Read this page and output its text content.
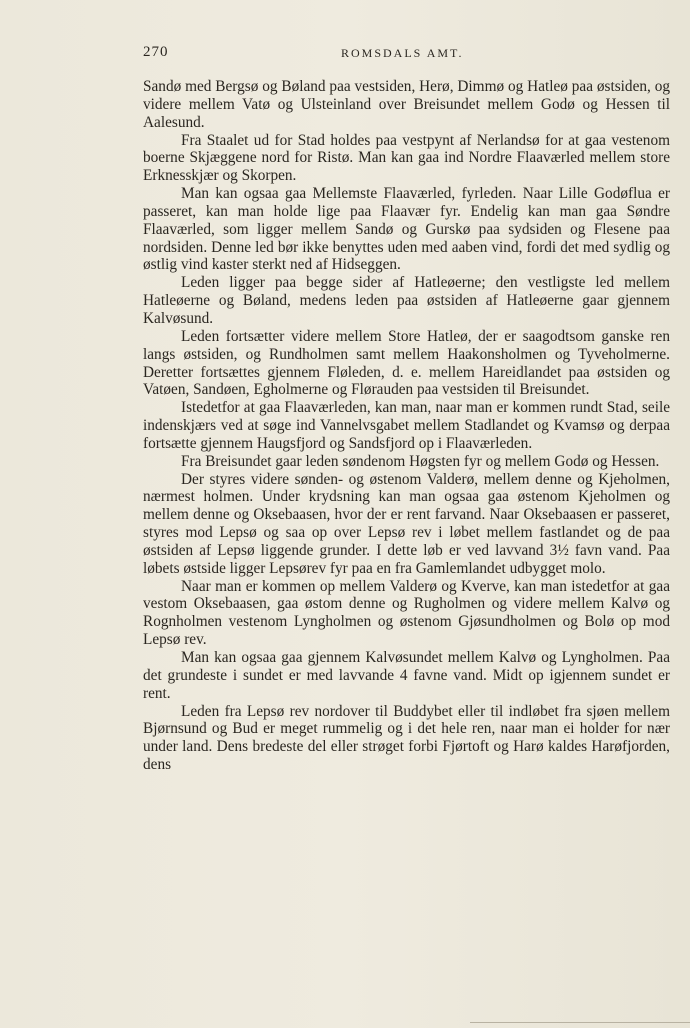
270	ROMSDALS AMT.

Sandø med Bergsø og Bøland paa vestsiden, Herø, Dimmø og Hatleø paa østsiden, og videre mellem Vatø og Ulsteinland over Breisundet mellem Godø og Hessen til Aalesund.

Fra Staalet ud for Stad holdes paa vestpynt af Nerlandsø for at gaa vestenom boerne Skjæggene nord for Ristø. Man kan gaa ind Nordre Flaaværled mellem store Erknesskjær og Skorpen.

Man kan ogsaa gaa Mellemste Flaaværled, fyrleden. Naar Lille Godøflua er passeret, kan man holde lige paa Flaavær fyr. Endelig kan man gaa Søndre Flaaværled, som ligger mellem Sandø og Gurskø paa sydsiden og Flesene paa nordsiden. Denne led bør ikke benyttes uden med aaben vind, fordi det med sydlig og østlig vind kaster sterkt ned af Hidseggen.

Leden ligger paa begge sider af Hatleøerne; den vestligste led mellem Hatleøerne og Bøland, medens leden paa østsiden af Hatleøerne gaar gjennem Kalvøsund.

Leden fortsætter videre mellem Store Hatleø, der er saagodtsom ganske ren langs østsiden, og Rundholmen samt mellem Haakonsholmen og Tyveholmerne. Deretter fortsættes gjennem Fløleden, d. e. mellem Hareidlandet paa østsiden og Vatøen, Sandøen, Egholmerne og Flørauden paa vestsiden til Breisundet.

Istedetfor at gaa Flaaværleden, kan man, naar man er kommen rundt Stad, seile indenskjærs ved at søge ind Vannelvsgabet mellem Stadlandet og Kvamsø og derpaa fortsætte gjennem Haugsfjord og Sandsfjord op i Flaaværleden.

Fra Breisundet gaar leden søndenom Høgsten fyr og mellem Godø og Hessen.

Der styres videre sønden- og østenom Valderø, mellem denne og Kjeholmen, nærmest holmen. Under krydsning kan man ogsaa gaa østenom Kjeholmen og mellem denne og Oksebaasen, hvor der er rent farvand. Naar Oksebaasen er passeret, styres mod Lepsø og saa op over Lepsø rev i løbet mellem fastlandet og de paa østsiden af Lepsø liggende grunder. I dette løb er ved lavvand 3½ favn vand. Paa løbets østside ligger Lepsørev fyr paa en fra Gamlemlandet udbygget molo.

Naar man er kommen op mellem Valderø og Kverve, kan man istedetfor at gaa vestom Oksebaasen, gaa østom denne og Rugholmen og videre mellem Kalvø og Rognholmen vestenom Lyngholmen og østenom Gjøsundholmen og Bolø op mod Lepsø rev.

Man kan ogsaa gaa gjennem Kalvøsundet mellem Kalvø og Lyngholmen. Paa det grundeste i sundet er med lavvande 4 favne vand. Midt op igjennem sundet er rent.

Leden fra Lepsø rev nordover til Buddybet eller til indløbet fra sjøen mellem Bjørnsund og Bud er meget rummelig og i det hele ren, naar man ei holder for nær under land. Dens bredeste del eller strøget forbi Fjørtoft og Harø kaldes Harøfjorden, dens
